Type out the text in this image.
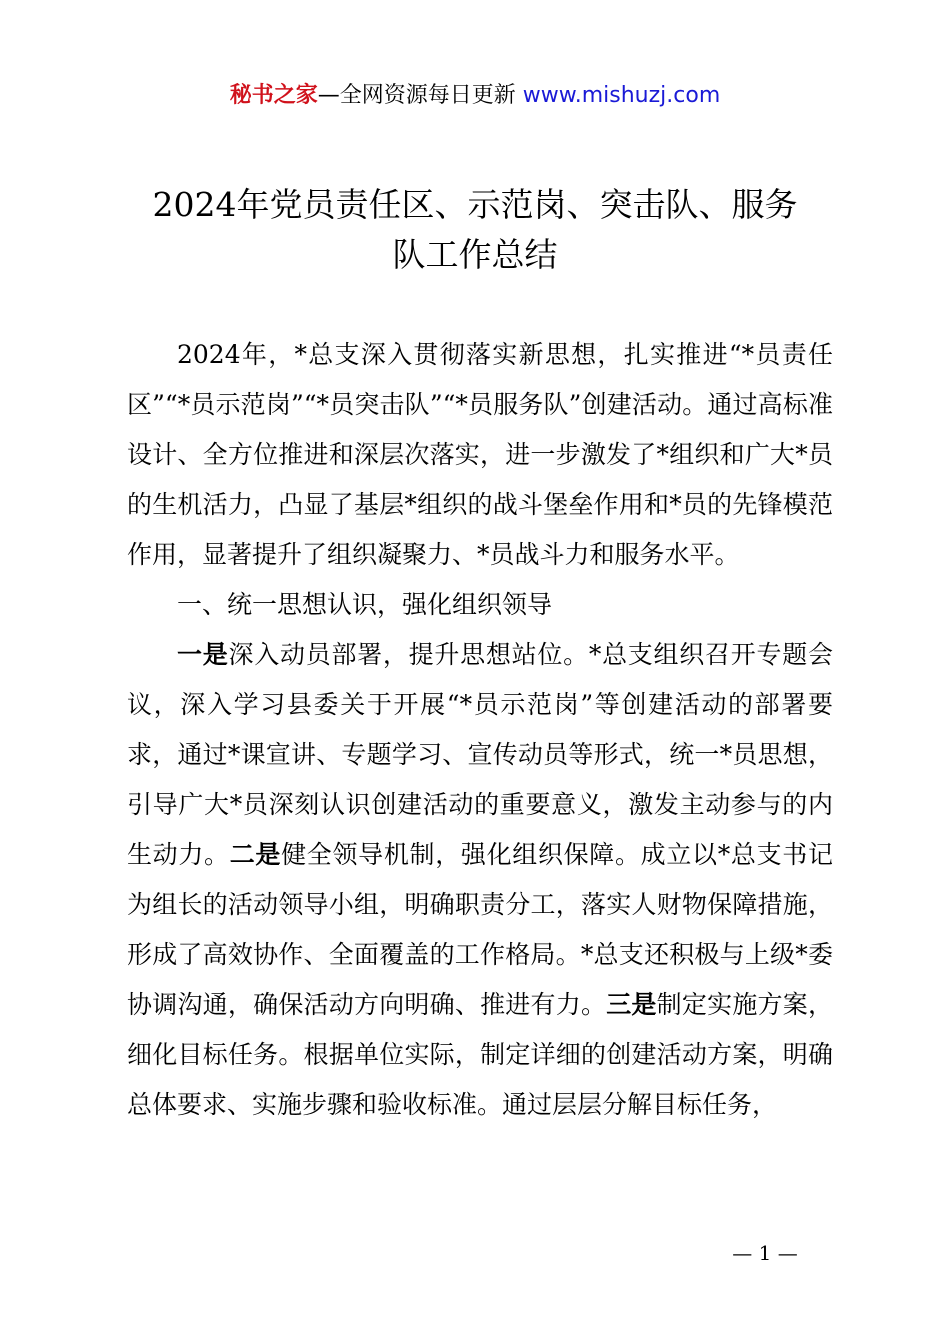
秘书之家—全网资源每日更新 www.mishuzj.com
2024年党员责任区、示范岗、突击队、服务
队工作总结

2024年，*总支深入贯彻落实新思想，扎实推进“*员责任区”“*员示范岗”“*员突击队”“*员服务队”创建活动。通过高标准设计、全方位推进和深层次落实，进一步激发了*组织和广大*员的生机活力，凸显了基层*组织的战斗堡垒作用和*员的先锋模范作用，显著提升了组织凝聚力、*员战斗力和服务水平。

一、统一思想认识，强化组织领导

一是深入动员部署，提升思想站位。*总支组织召开专题会议，深入学习县委关于开展“*员示范岗”等创建活动的部署要求，通过*课宣讲、专题学习、宣传动员等形式，统一*员思想，引导广大*员深刻认识创建活动的重要意义，激发主动参与的内生动力。二是健全领导机制，强化组织保障。成立以*总支书记为组长的活动领导小组，明确职责分工，落实人财物保障措施，形成了高效协作、全面覆盖的工作格局。*总支还积极与上级*委协调沟通，确保活动方向明确、推进有力。三是制定实施方案，细化目标任务。根据单位实际，制定详细的创建活动方案，明确总体要求、实施步骤和验收标准。通过层层分解目标任务，

— 1 —
